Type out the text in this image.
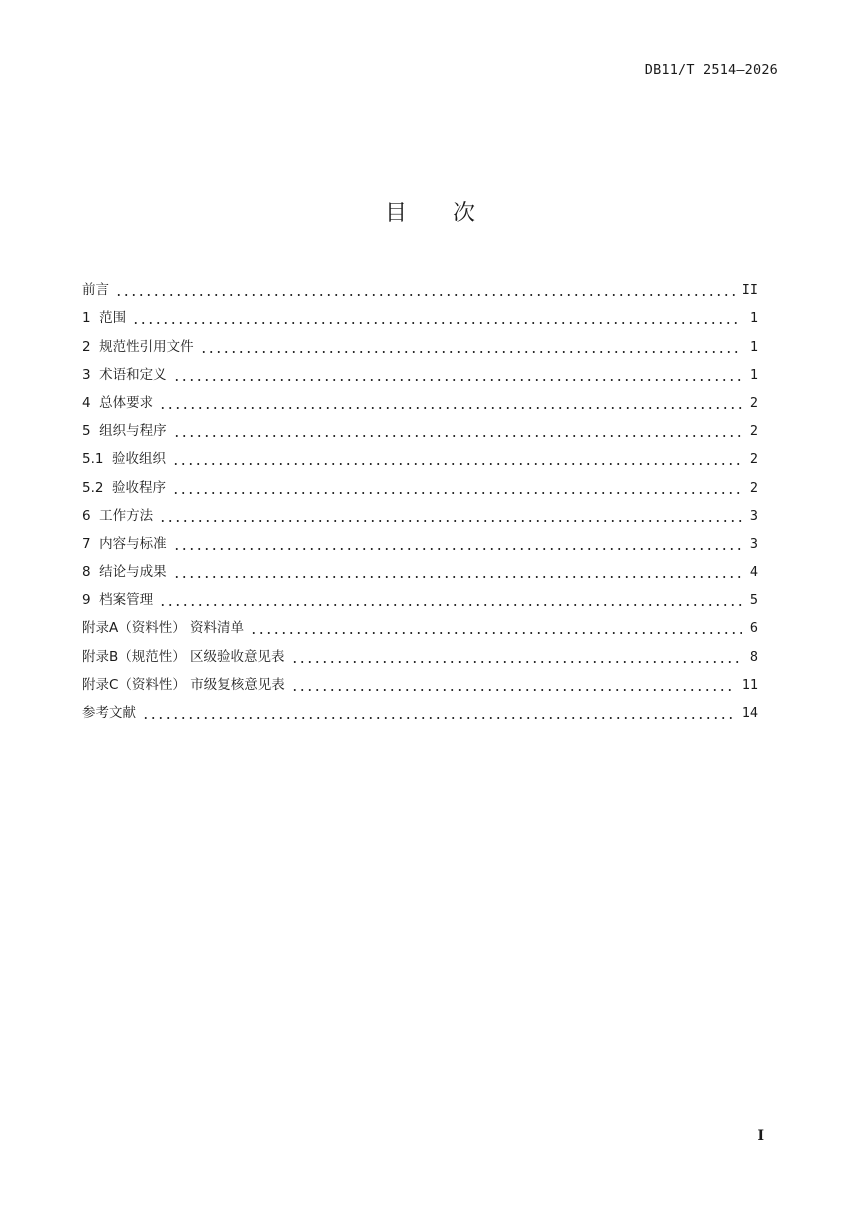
DB11/T 2514—2026
目次
前言	II
1  范围	1
2  规范性引用文件	1
3  术语和定义	1
4  总体要求	2
5  组织与程序	2
5.1  验收组织	2
5.2  验收程序	2
6  工作方法	3
7  内容与标准	3
8  结论与成果	4
9  档案管理	5
附录A（资料性） 资料清单	6
附录B（规范性） 区级验收意见表	8
附录C（资料性） 市级复核意见表	11
参考文献	14
I
